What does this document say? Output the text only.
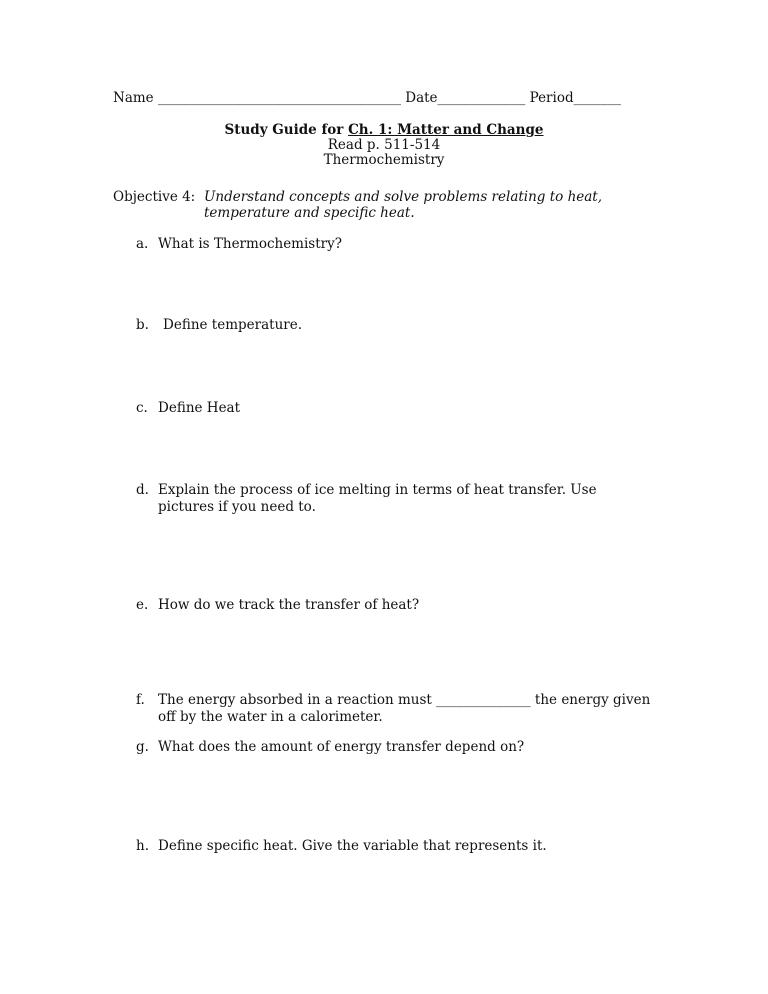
Name ____________________________________ Date_____________ Period_______
Study Guide for Ch. 1: Matter and Change
Read p. 511-514
Thermochemistry
Objective 4: Understand concepts and solve problems relating to heat, temperature and specific heat.
a. What is Thermochemistry?
b. Define temperature.
c. Define Heat
d. Explain the process of ice melting in terms of heat transfer. Use pictures if you need to.
e. How do we track the transfer of heat?
f. The energy absorbed in a reaction must ______________ the energy given off by the water in a calorimeter.
g. What does the amount of energy transfer depend on?
h. Define specific heat. Give the variable that represents it.
